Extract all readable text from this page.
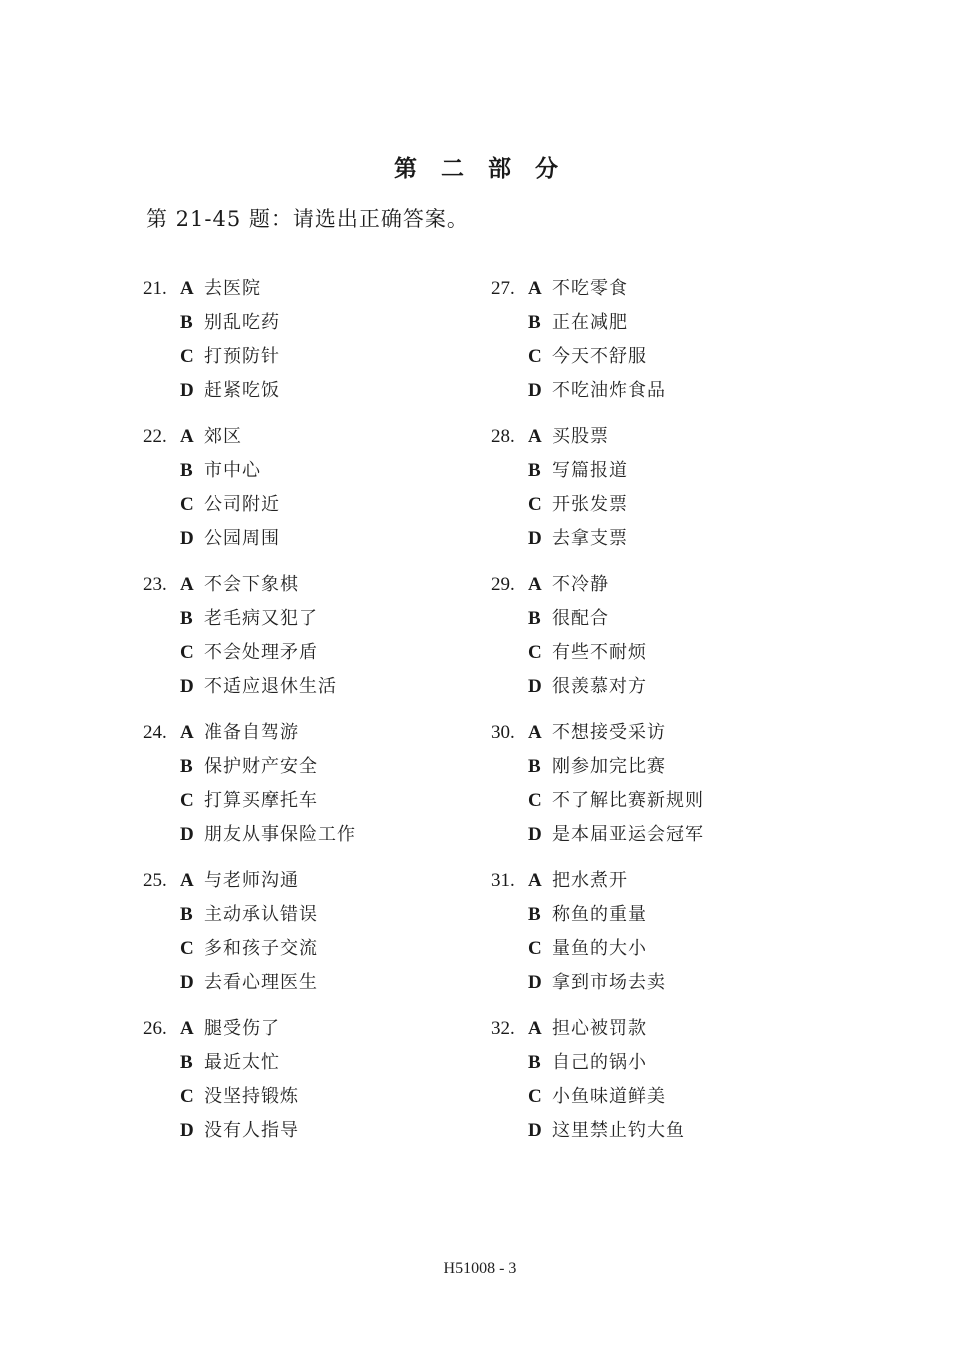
第 二 部 分
第 21-45 题：请选出正确答案。
21. A 去医院
B 别乱吃药
C 打预防针
D 赶紧吃饭
22. A 郊区
B 市中心
C 公司附近
D 公园周围
23. A 不会下象棋
B 老毛病又犯了
C 不会处理矛盾
D 不适应退休生活
24. A 准备自驾游
B 保护财产安全
C 打算买摩托车
D 朋友从事保险工作
25. A 与老师沟通
B 主动承认错误
C 多和孩子交流
D 去看心理医生
26. A 腿受伤了
B 最近太忙
C 没坚持锻炼
D 没有人指导
27. A 不吃零食
B 正在减肥
C 今天不舒服
D 不吃油炸食品
28. A 买股票
B 写篇报道
C 开张发票
D 去拿支票
29. A 不冷静
B 很配合
C 有些不耐烦
D 很羡慕对方
30. A 不想接受采访
B 刚参加完比赛
C 不了解比赛新规则
D 是本届亚运会冠军
31. A 把水煮开
B 称鱼的重量
C 量鱼的大小
D 拿到市场去卖
32. A 担心被罚款
B 自己的锅小
C 小鱼味道鲜美
D 这里禁止钓大鱼
H51008 - 3
